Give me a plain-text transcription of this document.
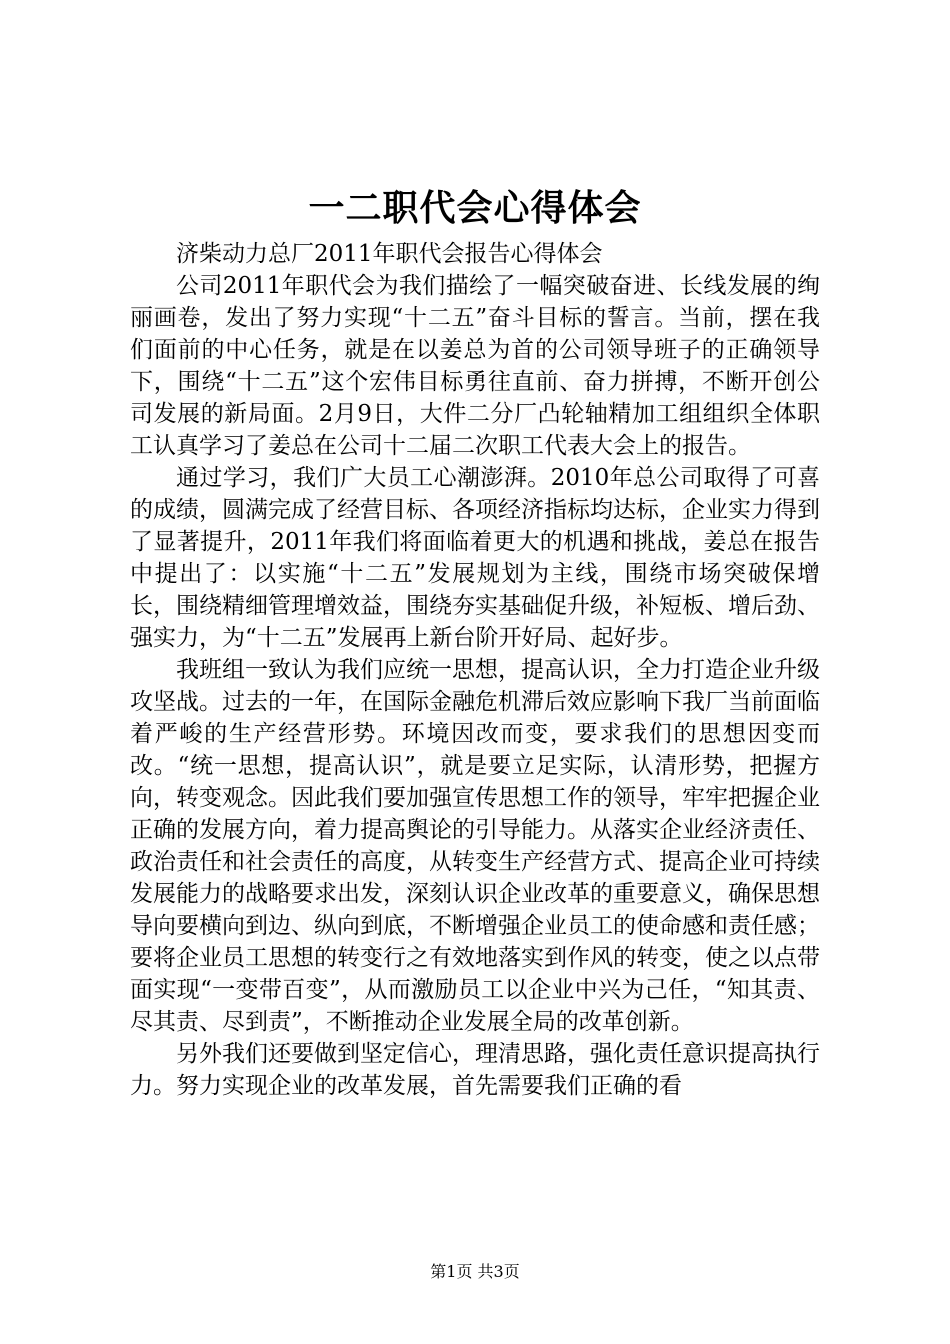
一二职代会心得体会

济柴动力总厂2011年职代会报告心得体会

公司2011年职代会为我们描绘了一幅突破奋进、长线发展的绚丽画卷，发出了努力实现“十二五”奋斗目标的誓言。当前，摆在我们面前的中心任务，就是在以姜总为首的公司领导班子的正确领导下，围绕“十二五”这个宏伟目标勇往直前、奋力拼搏，不断开创公司发展的新局面。2月9日，大件二分厂凸轮轴精加工组组织全体职工认真学习了姜总在公司十二届二次职工代表大会上的报告。

通过学习，我们广大员工心潮澎湃。2010年总公司取得了可喜的成绩，圆满完成了经营目标、各项经济指标均达标，企业实力得到了显著提升，2011年我们将面临着更大的机遇和挑战，姜总在报告中提出了：以实施“十二五”发展规划为主线，围绕市场突破保增长，围绕精细管理增效益，围绕夯实基础促升级，补短板、增后劲、强实力，为“十二五”发展再上新台阶开好局、起好步。

我班组一致认为我们应统一思想，提高认识，全力打造企业升级攻坚战。过去的一年，在国际金融危机滞后效应影响下我厂当前面临着严峻的生产经营形势。环境因改而变，要求我们的思想因变而改。“统一思想，提高认识”，就是要立足实际，认清形势，把握方向，转变观念。因此我们要加强宣传思想工作的领导，牢牢把握企业正确的发展方向，着力提高舆论的引导能力。从落实企业经济责任、政治责任和社会责任的高度，从转变生产经营方式、提高企业可持续发展能力的战略要求出发，深刻认识企业改革的重要意义，确保思想导向要横向到边、纵向到底，不断增强企业员工的使命感和责任感；要将企业员工思想的转变行之有效地落实到作风的转变，使之以点带面实现“一变带百变”，从而激励员工以企业中兴为己任，“知其责、尽其责、尽到责”，不断推动企业发展全局的改革创新。

另外我们还要做到坚定信心，理清思路，强化责任意识提高执行力。努力实现企业的改革发展，首先需要我们正确的看

第1页 共3页
